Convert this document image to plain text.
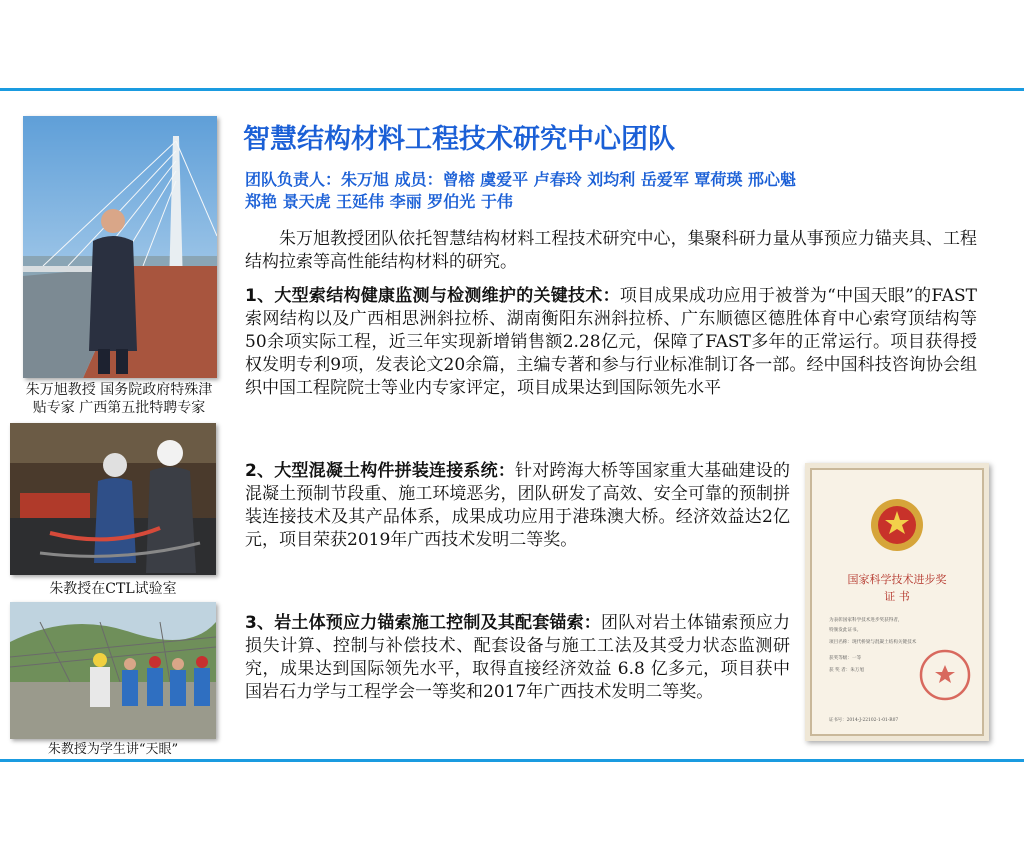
朱万旭教授 国务院政府特殊津
贴专家 广西第五批特聘专家
朱教授在CTL试验室
朱教授为学生讲“天眼”
智慧结构材料工程技术研究中心团队
团队负责人：朱万旭 成员：曾榕 虞爱平 卢春玲 刘均利 岳爱军 覃荷瑛 邢心魁
郑艳 景天虎 王延伟 李丽 罗伯光 于伟

朱万旭教授团队依托智慧结构材料工程技术研究中心，集聚科研力量从事预应力锚夹具、工程结构拉索等高性能结构材料的研究。

1、大型索结构健康监测与检测维护的关键技术：项目成果成功应用于被誉为“中国天眼”的FAST索网结构以及广西相思洲斜拉桥、湖南衡阳东洲斜拉桥、广东顺德区德胜体育中心索穹顶结构等50余项实际工程，近三年实现新增销售额2.28亿元，保障了FAST多年的正常运行。项目获得授权发明专利9项，发表论文20余篇，主编专著和参与行业标准制订各一部。经中国科技咨询协会组织中国工程院院士等业内专家评定，项目成果达到国际领先水平

2、大型混凝土构件拼装连接系统：针对跨海大桥等国家重大基础建设的混凝土预制节段重、施工环境恶劣，团队研发了高效、安全可靠的预制拼装连接技术及其产品体系，成果成功应用于港珠澳大桥。经济效益达2亿元，项目荣获2019年广西技术发明二等奖。

3、岩土体预应力锚索施工控制及其配套锚索：团队对岩土体锚索预应力损失计算、控制与补偿技术、配套设备与施工工法及其受力状态监测研究，成果达到国际领先水平，取得直接经济效益 6.8 亿多元，项目获中国岩石力学与工程学会一等奖和2017年广西技术发明二等奖。

国家科学技术进步奖
证 书
为表彰国家科学技术进步奖获得者，
特颁发此证书。
项目名称：现代桥梁与混凝土结构关键技术
获奖等级：一等
获 奖 者：朱万旭
证书号：2014-J-22102-1-01-R07
